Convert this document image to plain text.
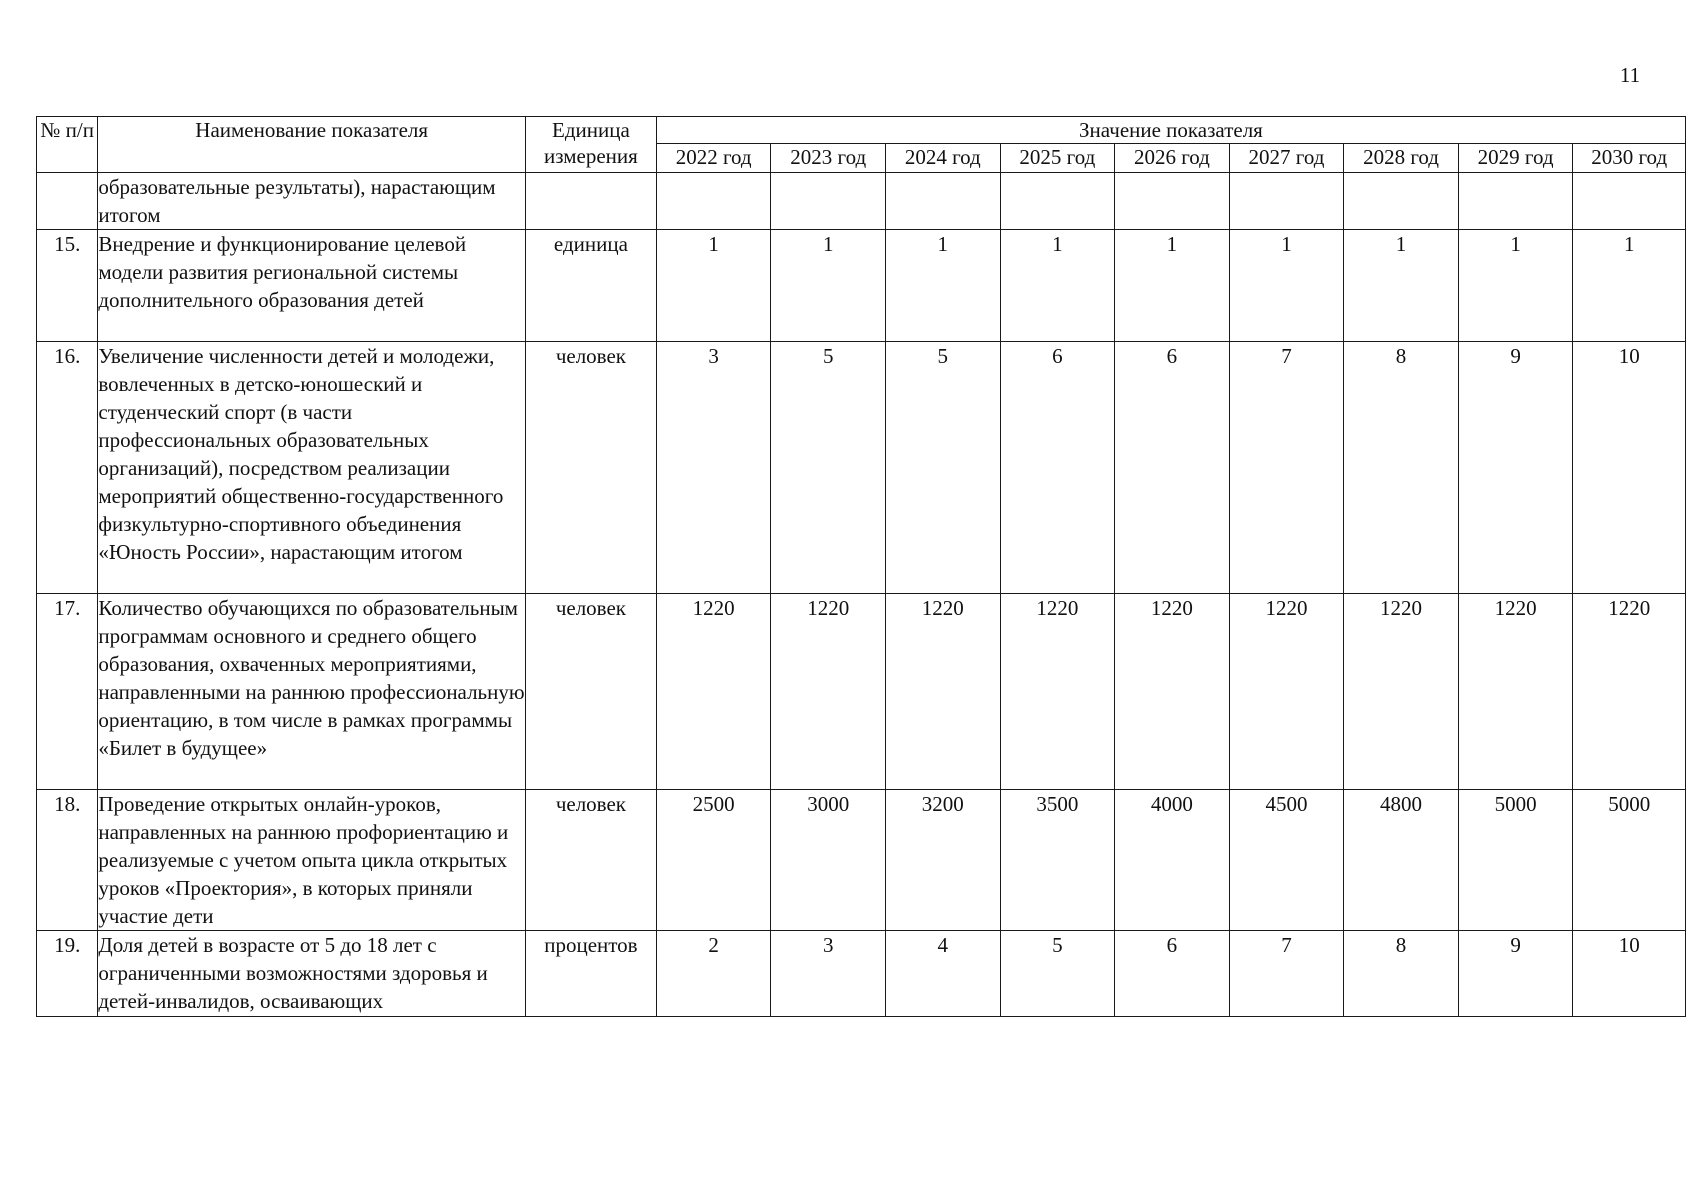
11
№ п/п	Наименование показателя	Единица измерения	Значение показателя								
			2022 год	2023 год	2024 год	2025 год	2026 год	2027 год	2028 год	2029 год	2030 год
	образовательные результаты), нарастающим итогом										
15.	Внедрение и функционирование целевой модели развития региональной системы дополнительного образования детей	единица	1	1	1	1	1	1	1	1	1
16.	Увеличение численности детей и молодежи, вовлеченных в детско-юношеский и студенческий спорт (в части профессиональных образовательных организаций), посредством реализации мероприятий общественно-государственного физкультурно-спортивного объединения «Юность России», нарастающим итогом	человек	3	5	5	6	6	7	8	9	10
17.	Количество обучающихся по образовательным программам основного и среднего общего образования, охваченных мероприятиями, направленными на раннюю профессиональную ориентацию, в том числе в рамках программы «Билет в будущее»	человек	1220	1220	1220	1220	1220	1220	1220	1220	1220
18.	Проведение открытых онлайн-уроков, направленных на раннюю профориентацию и реализуемые с учетом опыта цикла открытых уроков «Проектория», в которых приняли участие дети	человек	2500	3000	3200	3500	4000	4500	4800	5000	5000
19.	Доля детей в возрасте от 5 до 18 лет с ограниченными возможностями здоровья и детей-инвалидов, осваивающих	процентов	2	3	4	5	6	7	8	9	10
